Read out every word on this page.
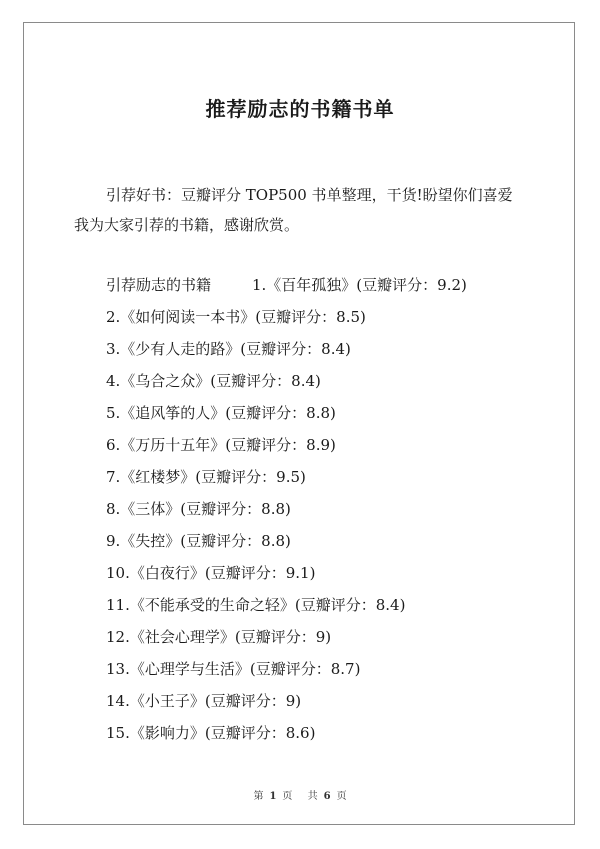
推荐励志的书籍书单
引荐好书：豆瓣评分 TOP500 书单整理，干货!盼望你们喜爱
我为大家引荐的书籍，感谢欣赏。
引荐励志的书籍	1.《百年孤独》(豆瓣评分：9.2)
2.《如何阅读一本书》(豆瓣评分：8.5)
3.《少有人走的路》(豆瓣评分：8.4)
4.《乌合之众》(豆瓣评分：8.4)
5.《追风筝的人》(豆瓣评分：8.8)
6.《万历十五年》(豆瓣评分：8.9)
7.《红楼梦》(豆瓣评分：9.5)
8.《三体》(豆瓣评分：8.8)
9.《失控》(豆瓣评分：8.8)
10.《白夜行》(豆瓣评分：9.1)
11.《不能承受的生命之轻》(豆瓣评分：8.4)
12.《社会心理学》(豆瓣评分：9)
13.《心理学与生活》(豆瓣评分：8.7)
14.《小王子》(豆瓣评分：9)
15.《影响力》(豆瓣评分：8.6)
第 1 页 共 6 页
